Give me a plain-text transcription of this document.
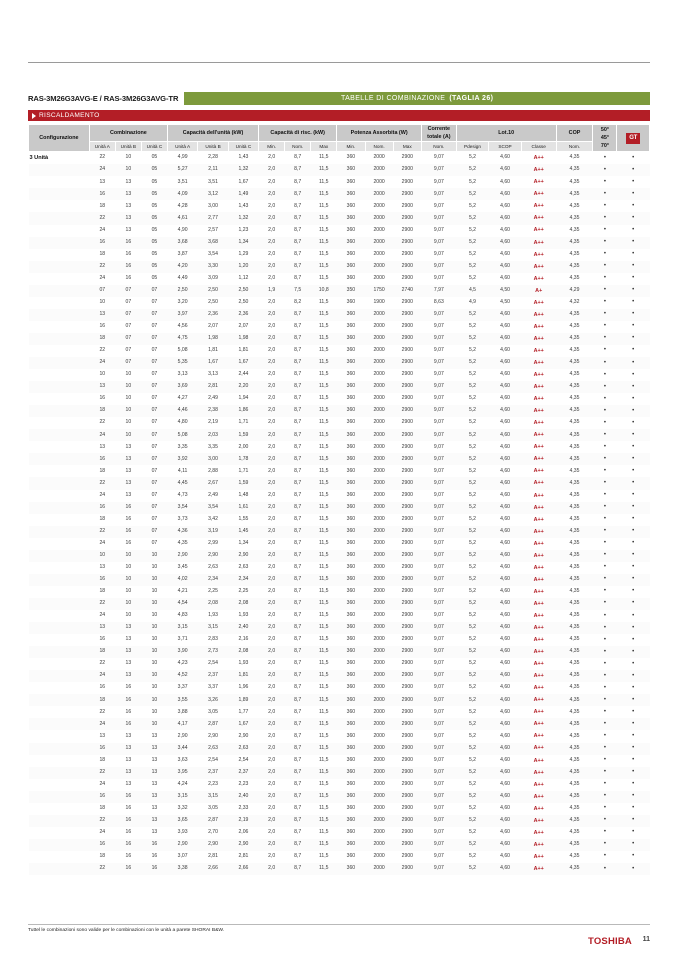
RAS-3M26G3AVG-E / RAS-3M26G3AVG-TR	TABELLE DI COMBINAZIONE (TAGLIA 26)
RISCALDAMENTO
Configurazione	Combinazione			Capacità dell'unità (kW)			Capacità di risc. (kW)			Potenza Assorbita (W)			Corrente totale (A)	Lot.10			COP	50°
45°
70°	GT
	Unità A	Unità B	Unità C	Unità A	Unità B	Unità C	Min.	Nom.	Max	Min.	Nom.	Max	Nom.	Pdesign	SCOP	Classe	Nom.		
3 Unità	22	10	05	4,99	2,28	1,43	2,0	8,7	11,5	360	2000	2900	9,07	5,2	4,60	A++	4,35	•	•
	24	10	05	5,27	2,11	1,32	2,0	8,7	11,5	360	2000	2900	9,07	5,2	4,60	A++	4,35	•	•
	13	13	05	3,51	3,51	1,67	2,0	8,7	11,5	360	2000	2900	9,07	5,2	4,60	A++	4,35	•	•
	16	13	05	4,09	3,12	1,49	2,0	8,7	11,5	360	2000	2900	9,07	5,2	4,60	A++	4,35	•	•
	18	13	05	4,28	3,00	1,43	2,0	8,7	11,5	360	2000	2900	9,07	5,2	4,60	A++	4,35	•	•
	22	13	05	4,61	2,77	1,32	2,0	8,7	11,5	360	2000	2900	9,07	5,2	4,60	A++	4,35	•	•
	24	13	05	4,90	2,57	1,23	2,0	8,7	11,5	360	2000	2900	9,07	5,2	4,60	A++	4,35	•	•
	16	16	05	3,68	3,68	1,34	2,0	8,7	11,5	360	2000	2900	9,07	5,2	4,60	A++	4,35	•	•
	18	16	05	3,87	3,54	1,29	2,0	8,7	11,5	360	2000	2900	9,07	5,2	4,60	A++	4,35	•	•
	22	16	05	4,20	3,30	1,20	2,0	8,7	11,5	360	2000	2900	9,07	5,2	4,60	A++	4,35	•	•
	24	16	05	4,49	3,09	1,12	2,0	8,7	11,5	360	2000	2900	9,07	5,2	4,60	A++	4,35	•	•
	07	07	07	2,50	2,50	2,50	1,9	7,5	10,8	350	1750	2740	7,97	4,5	4,50	A+	4,29	•	•
	10	07	07	3,20	2,50	2,50	2,0	8,2	11,5	360	1900	2900	8,63	4,9	4,50	A++	4,32	•	•
	13	07	07	3,97	2,36	2,36	2,0	8,7	11,5	360	2000	2900	9,07	5,2	4,60	A++	4,35	•	•
	16	07	07	4,56	2,07	2,07	2,0	8,7	11,5	360	2000	2900	9,07	5,2	4,60	A++	4,35	•	•
	18	07	07	4,75	1,98	1,98	2,0	8,7	11,5	360	2000	2900	9,07	5,2	4,60	A++	4,35	•	•
	22	07	07	5,08	1,81	1,81	2,0	8,7	11,5	360	2000	2900	9,07	5,2	4,60	A++	4,35	•	•
	24	07	07	5,35	1,67	1,67	2,0	8,7	11,5	360	2000	2900	9,07	5,2	4,60	A++	4,35	•	•
	10	10	07	3,13	3,13	2,44	2,0	8,7	11,5	360	2000	2900	9,07	5,2	4,60	A++	4,35	•	•
	13	10	07	3,69	2,81	2,20	2,0	8,7	11,5	360	2000	2900	9,07	5,2	4,60	A++	4,35	•	•
	16	10	07	4,27	2,49	1,94	2,0	8,7	11,5	360	2000	2900	9,07	5,2	4,60	A++	4,35	•	•
	18	10	07	4,46	2,38	1,86	2,0	8,7	11,5	360	2000	2900	9,07	5,2	4,60	A++	4,35	•	•
	22	10	07	4,80	2,19	1,71	2,0	8,7	11,5	360	2000	2900	9,07	5,2	4,60	A++	4,35	•	•
	24	10	07	5,08	2,03	1,59	2,0	8,7	11,5	360	2000	2900	9,07	5,2	4,60	A++	4,35	•	•
	13	13	07	3,35	3,35	2,00	2,0	8,7	11,5	360	2000	2900	9,07	5,2	4,60	A++	4,35	•	•
	16	13	07	3,92	3,00	1,78	2,0	8,7	11,5	360	2000	2900	9,07	5,2	4,60	A++	4,35	•	•
	18	13	07	4,11	2,88	1,71	2,0	8,7	11,5	360	2000	2900	9,07	5,2	4,60	A++	4,35	•	•
	22	13	07	4,45	2,67	1,59	2,0	8,7	11,5	360	2000	2900	9,07	5,2	4,60	A++	4,35	•	•
	24	13	07	4,73	2,49	1,48	2,0	8,7	11,5	360	2000	2900	9,07	5,2	4,60	A++	4,35	•	•
	16	16	07	3,54	3,54	1,61	2,0	8,7	11,5	360	2000	2900	9,07	5,2	4,60	A++	4,35	•	•
	18	16	07	3,73	3,42	1,55	2,0	8,7	11,5	360	2000	2900	9,07	5,2	4,60	A++	4,35	•	•
	22	16	07	4,36	3,19	1,45	2,0	8,7	11,5	360	2000	2900	9,07	5,2	4,60	A++	4,35	•	•
	24	16	07	4,35	2,99	1,34	2,0	8,7	11,5	360	2000	2900	9,07	5,2	4,60	A++	4,35	•	•
	10	10	10	2,90	2,90	2,90	2,0	8,7	11,5	360	2000	2900	9,07	5,2	4,60	A++	4,35	•	•
	13	10	10	3,45	2,63	2,63	2,0	8,7	11,5	360	2000	2900	9,07	5,2	4,60	A++	4,35	•	•
	16	10	10	4,02	2,34	2,34	2,0	8,7	11,5	360	2000	2900	9,07	5,2	4,60	A++	4,35	•	•
	18	10	10	4,21	2,25	2,25	2,0	8,7	11,5	360	2000	2900	9,07	5,2	4,60	A++	4,35	•	•
	22	10	10	4,54	2,08	2,08	2,0	8,7	11,5	360	2000	2900	9,07	5,2	4,60	A++	4,35	•	•
	24	10	10	4,83	1,93	1,93	2,0	8,7	11,5	360	2000	2900	9,07	5,2	4,60	A++	4,35	•	•
	13	13	10	3,15	3,15	2,40	2,0	8,7	11,5	360	2000	2900	9,07	5,2	4,60	A++	4,35	•	•
	16	13	10	3,71	2,83	2,16	2,0	8,7	11,5	360	2000	2900	9,07	5,2	4,60	A++	4,35	•	•
	18	13	10	3,90	2,73	2,08	2,0	8,7	11,5	360	2000	2900	9,07	5,2	4,60	A++	4,35	•	•
	22	13	10	4,23	2,54	1,93	2,0	8,7	11,5	360	2000	2900	9,07	5,2	4,60	A++	4,35	•	•
	24	13	10	4,52	2,37	1,81	2,0	8,7	11,5	360	2000	2900	9,07	5,2	4,60	A++	4,35	•	•
	16	16	10	3,37	3,37	1,96	2,0	8,7	11,5	360	2000	2900	9,07	5,2	4,60	A++	4,35	•	•
	18	16	10	3,55	3,26	1,89	2,0	8,7	11,5	360	2000	2900	9,07	5,2	4,60	A++	4,35	•	•
	22	16	10	3,88	3,05	1,77	2,0	8,7	11,5	360	2000	2900	9,07	5,2	4,60	A++	4,35	•	•
	24	16	10	4,17	2,87	1,67	2,0	8,7	11,5	360	2000	2900	9,07	5,2	4,60	A++	4,35	•	•
	13	13	13	2,90	2,90	2,90	2,0	8,7	11,5	360	2000	2900	9,07	5,2	4,60	A++	4,35	•	•
	16	13	13	3,44	2,63	2,63	2,0	8,7	11,5	360	2000	2900	9,07	5,2	4,60	A++	4,35	•	•
	18	13	13	3,63	2,54	2,54	2,0	8,7	11,5	360	2000	2900	9,07	5,2	4,60	A++	4,35	•	•
	22	13	13	3,95	2,37	2,37	2,0	8,7	11,5	360	2000	2900	9,07	5,2	4,60	A++	4,35	•	•
	24	13	13	4,24	2,23	2,23	2,0	8,7	11,5	360	2000	2900	9,07	5,2	4,60	A++	4,35	•	•
	16	16	13	3,15	3,15	2,40	2,0	8,7	11,5	360	2000	2900	9,07	5,2	4,60	A++	4,35	•	•
	18	16	13	3,32	3,05	2,33	2,0	8,7	11,5	360	2000	2900	9,07	5,2	4,60	A++	4,35	•	•
	22	16	13	3,65	2,87	2,19	2,0	8,7	11,5	360	2000	2900	9,07	5,2	4,60	A++	4,35	•	•
	24	16	13	3,93	2,70	2,06	2,0	8,7	11,5	360	2000	2900	9,07	5,2	4,60	A++	4,35	•	•
	16	16	16	2,90	2,90	2,90	2,0	8,7	11,5	360	2000	2900	9,07	5,2	4,60	A++	4,35	•	•
	18	16	16	3,07	2,81	2,81	2,0	8,7	11,5	360	2000	2900	9,07	5,2	4,60	A++	4,35	•	•
	22	16	16	3,38	2,66	2,66	2,0	8,7	11,5	360	2000	2900	9,07	5,2	4,60	A++	4,35	•	•
Tuttel le combinazioni sono valide per le combinazioni con le unità a parete SHORAI B&W.
TOSHIBA 11
